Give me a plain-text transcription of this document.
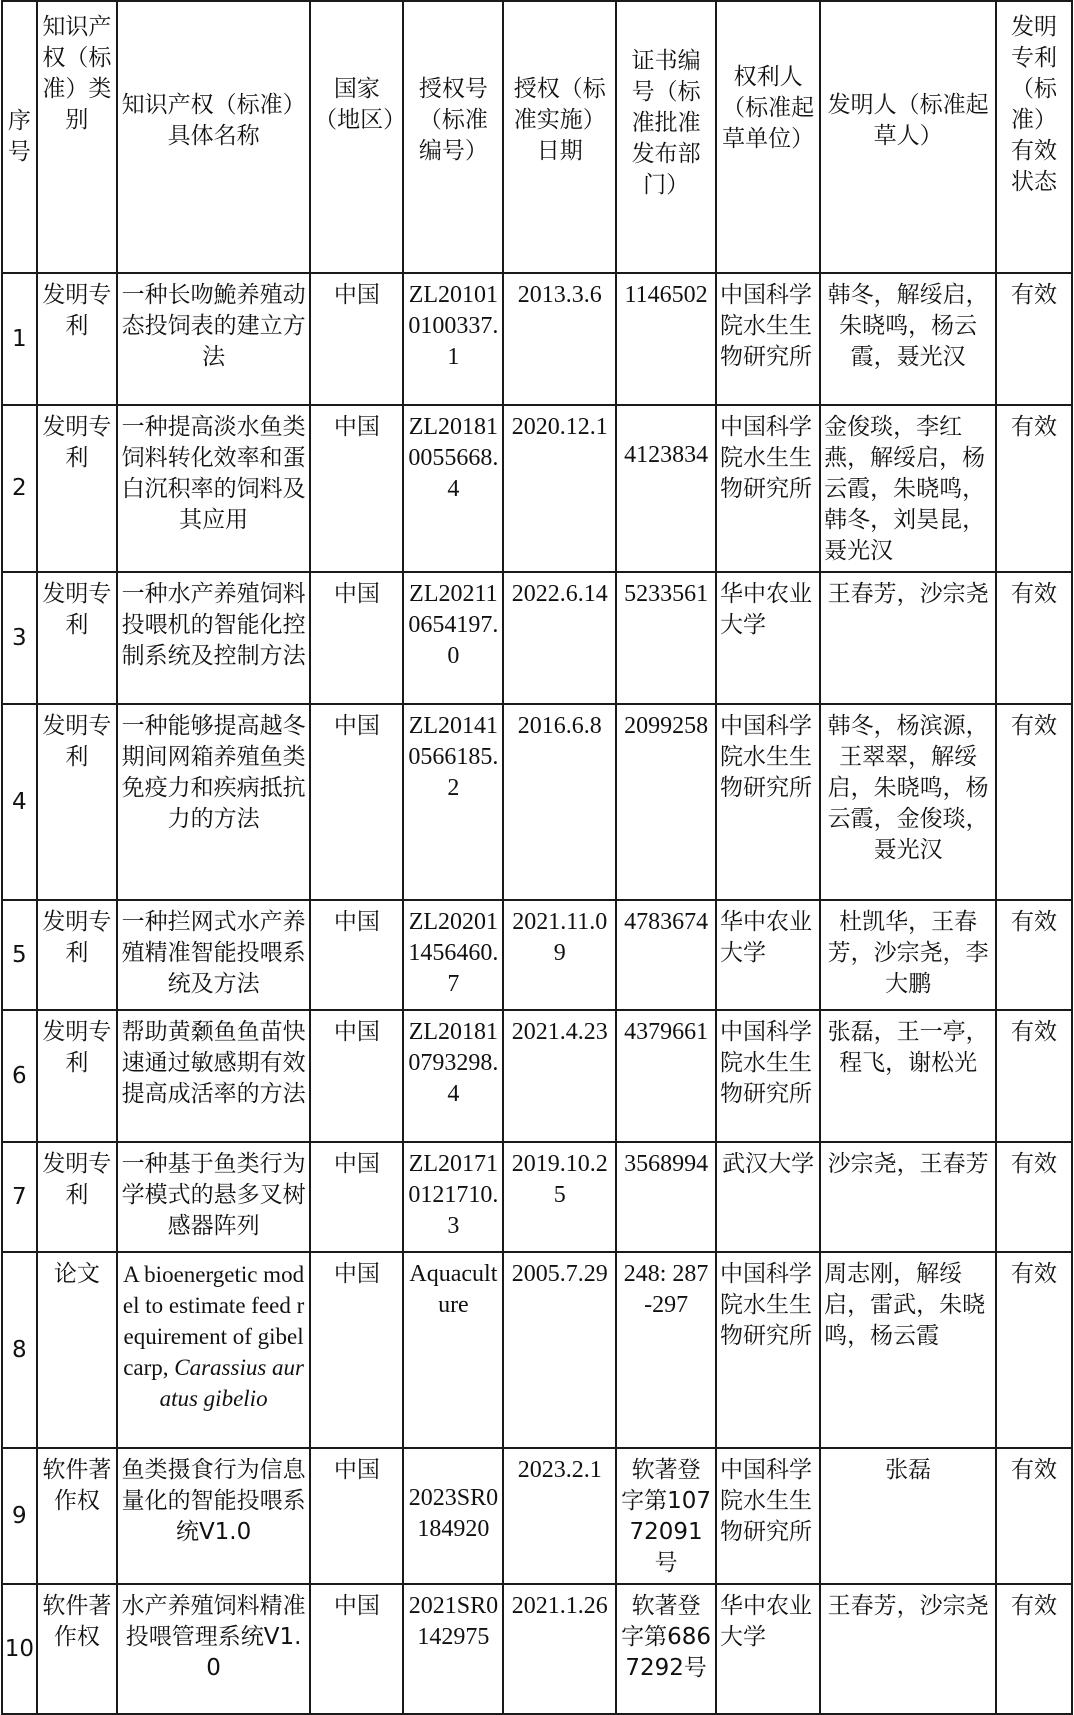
序号	知识产权（标准）类别	知识产权（标准）具体名称	国家（地区）	授权号（标准编号）	授权（标准实施）日期	证书编号（标准批准发布部门）	权利人（标准起草单位）	发明人（标准起草人）	发明专利（标准）有效状态
1	发明专利	一种长吻鮠养殖动态投饲表的建立方法	中国	ZL201010100337.1	2013.3.6	1146502	中国科学院水生生物研究所	韩冬，解绥启，朱晓鸣，杨云霞，聂光汉	有效
2	发明专利	一种提高淡水鱼类饲料转化效率和蛋白沉积率的饲料及其应用	中国	ZL201810055668.4	2020.12.1	4123834	中国科学院水生生物研究所	金俊琰，李红燕，解绥启，杨云霞，朱晓鸣，韩冬，刘昊昆，聂光汉	有效
3	发明专利	一种水产养殖饲料投喂机的智能化控制系统及控制方法	中国	ZL202110654197.0	2022.6.14	5233561	华中农业大学	王春芳，沙宗尧	有效
4	发明专利	一种能够提高越冬期间网箱养殖鱼类免疫力和疾病抵抗力的方法	中国	ZL201410566185.2	2016.6.8	2099258	中国科学院水生生物研究所	韩冬，杨滨源，王翠翠，解绥启，朱晓鸣，杨云霞，金俊琰，聂光汉	有效
5	发明专利	一种拦网式水产养殖精准智能投喂系统及方法	中国	ZL202011456460.7	2021.11.09	4783674	华中农业大学	杜凯华，王春芳，沙宗尧，李大鹏	有效
6	发明专利	帮助黄颡鱼鱼苗快速通过敏感期有效提高成活率的方法	中国	ZL201810793298.4	2021.4.23	4379661	中国科学院水生生物研究所	张磊，王一亭，程飞，谢松光	有效
7	发明专利	一种基于鱼类行为学模式的悬多叉树感器阵列	中国	ZL201710121710.3	2019.10.25	3568994	武汉大学	沙宗尧，王春芳	有效
8	论文	A bioenergetic model to estimate feed requirement of gibel carp, Carassius auratus gibelio	中国	Aquaculture	2005.7.29	248: 287-297	中国科学院水生生物研究所	周志刚，解绥启，雷武，朱晓鸣，杨云霞	有效
9	软件著作权	鱼类摄食行为信息量化的智能投喂系统V1.0	中国	2023SR0184920	2023.2.1	软著登字第10772091号	中国科学院水生生物研究所	张磊	有效
10	软件著作权	水产养殖饲料精准投喂管理系统V1.0	中国	2021SR0142975	2021.1.26	软著登字第6867292号	华中农业大学	王春芳，沙宗尧	有效
